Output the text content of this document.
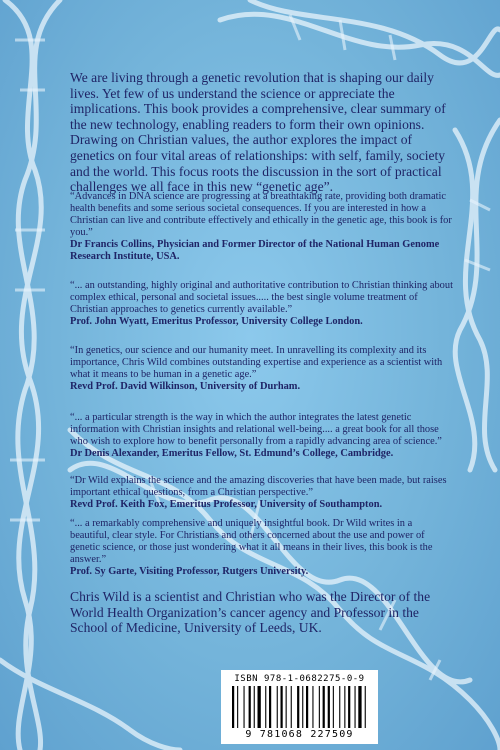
We are living through a genetic revolution that is shaping our daily lives. Yet few of us understand the science or appreciate the implications. This book provides a comprehensive, clear summary of the new technology, enabling readers to form their own opinions. Drawing on Christian values, the author explores the impact of genetics on four vital areas of relationships: with self, family, society and the world. This focus roots the discussion in the sort of practical challenges we all face in this new “genetic age”.

“Advances in DNA science are progressing at a breathtaking rate, providing both dramatic health benefits and some serious societal consequences. If you are interested in how a Christian can live and contribute effectively and ethically in the genetic age, this book is for you.”
Dr Francis Collins, Physician and Former Director of the National Human Genome Research Institute, USA.

“... an outstanding, highly original and authoritative contribution to Christian thinking about complex ethical, personal and societal issues..... the best single volume treatment of Christian approaches to genetics currently available.”
Prof. John Wyatt, Emeritus Professor, University College London.

“In genetics, our science and our humanity meet. In unravelling its complexity and its importance, Chris Wild combines outstanding expertise and experience as a scientist with what it means to be human in a genetic age.”
Revd Prof. David Wilkinson, University of Durham.

“... a particular strength is the way in which the author integrates the latest genetic information with Christian insights and relational well-being.... a great book for all those who wish to explore how to benefit personally from a rapidly advancing area of science.”
Dr Denis Alexander, Emeritus Fellow, St. Edmund’s College, Cambridge.

“Dr Wild explains the science and the amazing discoveries that have been made, but raises important ethical questions, from a Christian perspective.”
Revd Prof. Keith Fox, Emeritus Professor, University of Southampton.

“... a remarkably comprehensive and uniquely insightful book. Dr Wild writes in a beautiful, clear style. For Christians and others concerned about the use and power of genetic science, or those just wondering what it all means in their lives, this book is the answer.”
Prof. Sy Garte, Visiting Professor, Rutgers University.

Chris Wild is a scientist and Christian who was the Director of the World Health Organization’s cancer agency and Professor in the School of Medicine, University of Leeds, UK.

ISBN 978-1-0682275-0-9
9 781068 227509
